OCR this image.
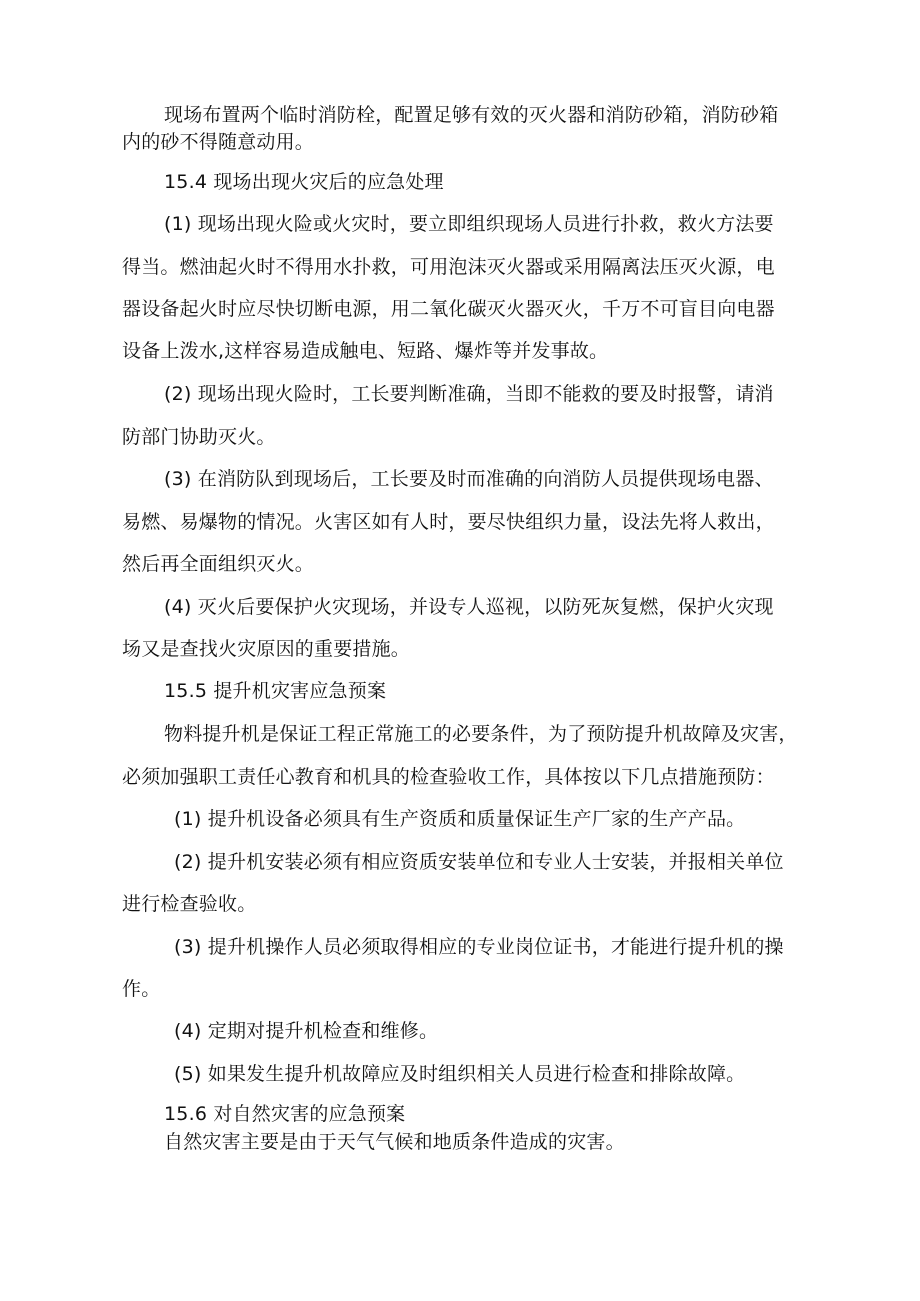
现场布置两个临时消防栓，配置足够有效的灭火器和消防砂箱，消防砂箱

内的砂不得随意动用。

15.4 现场出现火灾后的应急处理

(1) 现场出现火险或火灾时，要立即组织现场人员进行扑救，救火方法要

得当。燃油起火时不得用水扑救，可用泡沫灭火器或采用隔离法压灭火源，电

器设备起火时应尽快切断电源，用二氧化碳灭火器灭火，千万不可盲目向电器

设备上泼水,这样容易造成触电、短路、爆炸等并发事故。

(2) 现场出现火险时，工长要判断准确，当即不能救的要及时报警，请消

防部门协助灭火。

(3) 在消防队到现场后，工长要及时而准确的向消防人员提供现场电器、

易燃、易爆物的情况。火害区如有人时，要尽快组织力量，设法先将人救出，

然后再全面组织灭火。

(4) 灭火后要保护火灾现场，并设专人巡视，以防死灰复燃，保护火灾现

场又是查找火灾原因的重要措施。

15.5 提升机灾害应急预案

物料提升机是保证工程正常施工的必要条件，为了预防提升机故障及灾害，

必须加强职工责任心教育和机具的检查验收工作，具体按以下几点措施预防：

(1) 提升机设备必须具有生产资质和质量保证生产厂家的生产产品。

(2) 提升机安装必须有相应资质安装单位和专业人士安装，并报相关单位

进行检查验收。

(3) 提升机操作人员必须取得相应的专业岗位证书，才能进行提升机的操

作。

(4) 定期对提升机检查和维修。

(5) 如果发生提升机故障应及时组织相关人员进行检查和排除故障。

15.6 对自然灾害的应急预案

自然灾害主要是由于天气气候和地质条件造成的灾害。
